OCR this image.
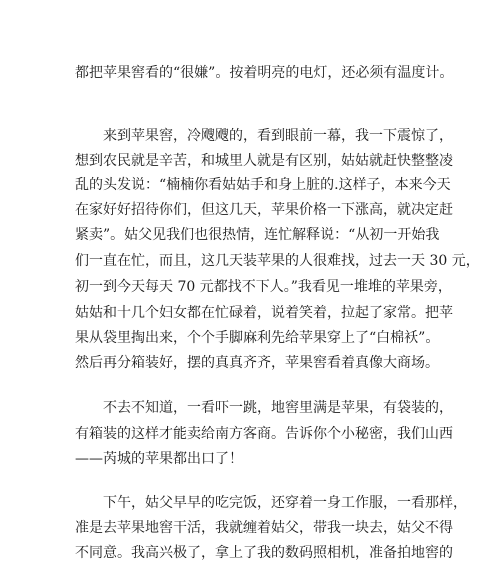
都把苹果窖看的“很嫌”。按着明亮的电灯，还必须有温度计。
来到苹果窖，冷飕飕的，看到眼前一幕，我一下震惊了，
想到农民就是辛苦，和城里人就是有区别，姑姑就赶快整整凌
乱的头发说：“楠楠你看姑姑手和身上脏的.这样子，本来今天
在家好好招待你们，但这几天，苹果价格一下涨高，就决定赶
紧卖”。姑父见我们也很热情，连忙解释说：“从初一开始我
们一直在忙，而且，这几天装苹果的人很难找，过去一天 30 元，
初一到今天每天 70 元都找不下人。”我看见一堆堆的苹果旁，
姑姑和十几个妇女都在忙碌着，说着笑着，拉起了家常。把苹
果从袋里掏出来，个个手脚麻利先给苹果穿上了“白棉袄”。
然后再分箱装好，摆的真真齐齐，苹果窖看着真像大商场。
不去不知道，一看吓一跳，地窖里满是苹果，有袋装的，
有箱装的这样才能卖给南方客商。告诉你个小秘密，我们山西
——芮城的苹果都出口了！
下午，姑父早早的吃完饭，还穿着一身工作服，一看那样，
准是去苹果地窖干活，我就缠着姑父，带我一块去，姑父不得
不同意。我高兴极了，拿上了我的数码照相机，准备拍地窖的
